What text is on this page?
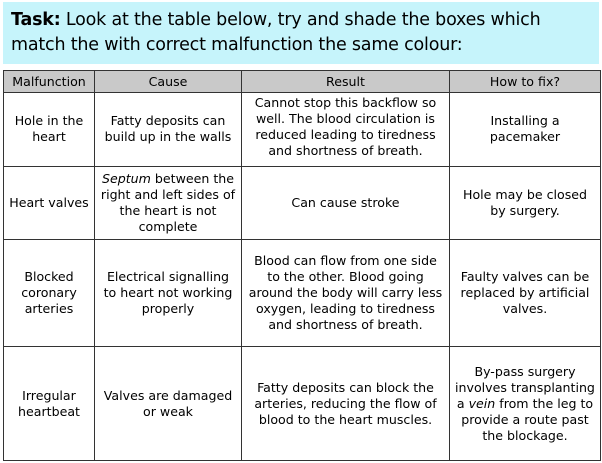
Task: Look at the table below, try and shade the boxes which match the with correct malfunction the same colour:
Malfunction	Cause	Result	How to fix?
Hole in the heart	Fatty deposits can build up in the walls	Cannot stop this backflow so well. The blood circulation is reduced leading to tiredness and shortness of breath.	Installing a pacemaker
Heart valves	Septum between the right and left sides of the heart is not complete	Can cause stroke	Hole may be closed by surgery.
Blocked coronary arteries	Electrical signalling to heart not working properly	Blood can flow from one side to the other. Blood going around the body will carry less oxygen, leading to tiredness and shortness of breath.	Faulty valves can be replaced by artificial valves.
Irregular heartbeat	Valves are damaged or weak	Fatty deposits can block the arteries, reducing the flow of blood to the heart muscles.	By-pass surgery involves transplanting a vein from the leg to provide a route past the blockage.
